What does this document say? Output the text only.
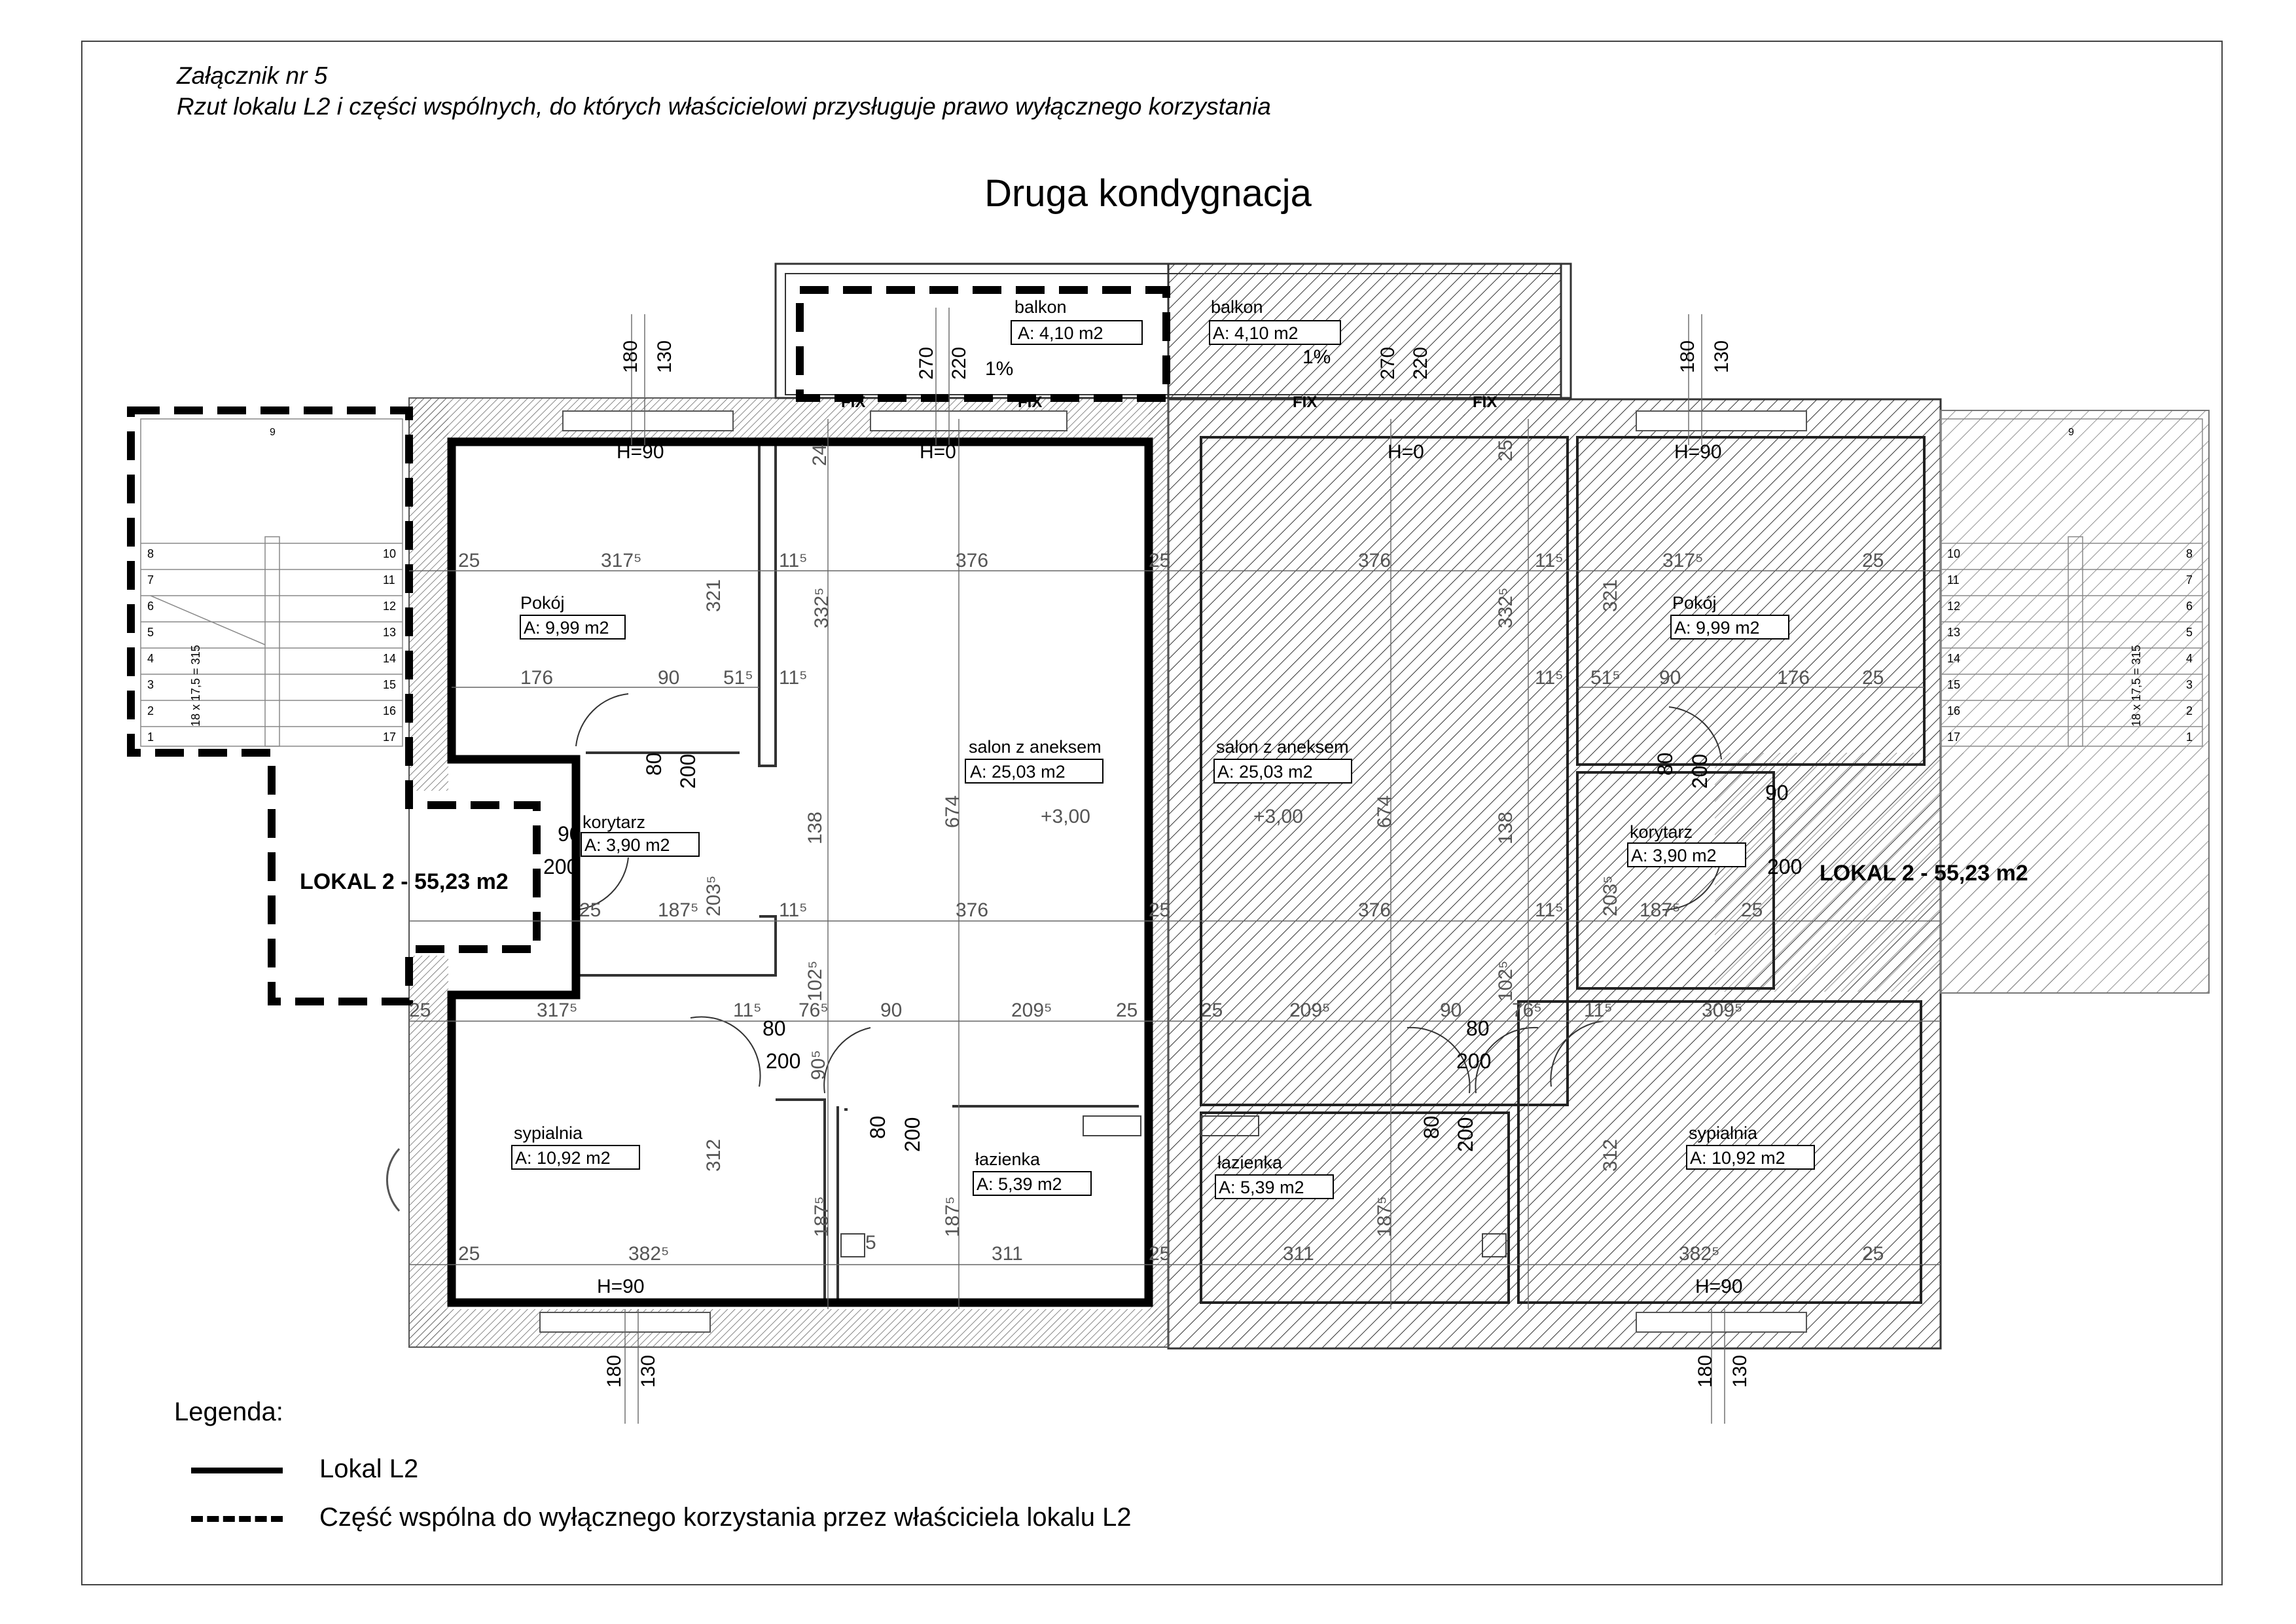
Załącznik nr 5
Rzut lokalu L2 i części wspólnych, do których właścicielowi przysługuje prawo wyłącznego korzystania
Druga kondygnacja
9
18 x 17,5 = 315
8
7
6
5
4
3
2
1
10
11
12
13
14
15
16
17
9
18 x 17,5 = 315
10
11
12
13
14
15
16
17
8
7
6
5
4
3
2
1
balkon
A: 4,10 m2
Pokój
A: 9,99 m2
salon z aneksem
A: 25,03 m2
korytarz
A: 3,90 m2
sypialnia
A: 10,92 m2	łazienka
A: 5,39 m2
balkon
A: 4,10 m2
Pokój
A: 9,99 m2
salon z aneksem
A: 25,03 m2
korytarz
A: 3,90 m2
sypialnia
A: 10,92 m2
łazienka
A: 5,39 m2
LOKAL 2 - 55,23 m2	LOKAL 2 - 55,23 m2
+3,00	+3,00
1%
1%
FIX	FIX	FIX	FIX
H=90	H=0	H=0	H=90
H=90	H=90
180 130	270 220	270 220	180 130
180 130	180 130
25	317⁵	11⁵	376	25	376	11⁵	317⁵	25
176	90 51⁵ 11⁵	11⁵ 51⁵ 90	176	25
25	187⁵	11⁵	376	25	376	11⁵	187⁵	25
25	317⁵	11⁵ 76⁵	90	209⁵	25	25	209⁵	90	76⁵ 11⁵	309⁵
25	382⁵	311	25	311	382⁵	25
321	332⁵
674
138
203⁵
102⁵
312
187⁵	187⁵
90⁵
24
5
321
332⁵
674	138
203⁵
102⁵
312
187⁵
25
80 200
90
200
80
200
80 200
80 200
90
200
80
200
80 200
Legenda:
Lokal L2
Część wspólna do wyłącznego korzystania przez właściciela lokalu L2
